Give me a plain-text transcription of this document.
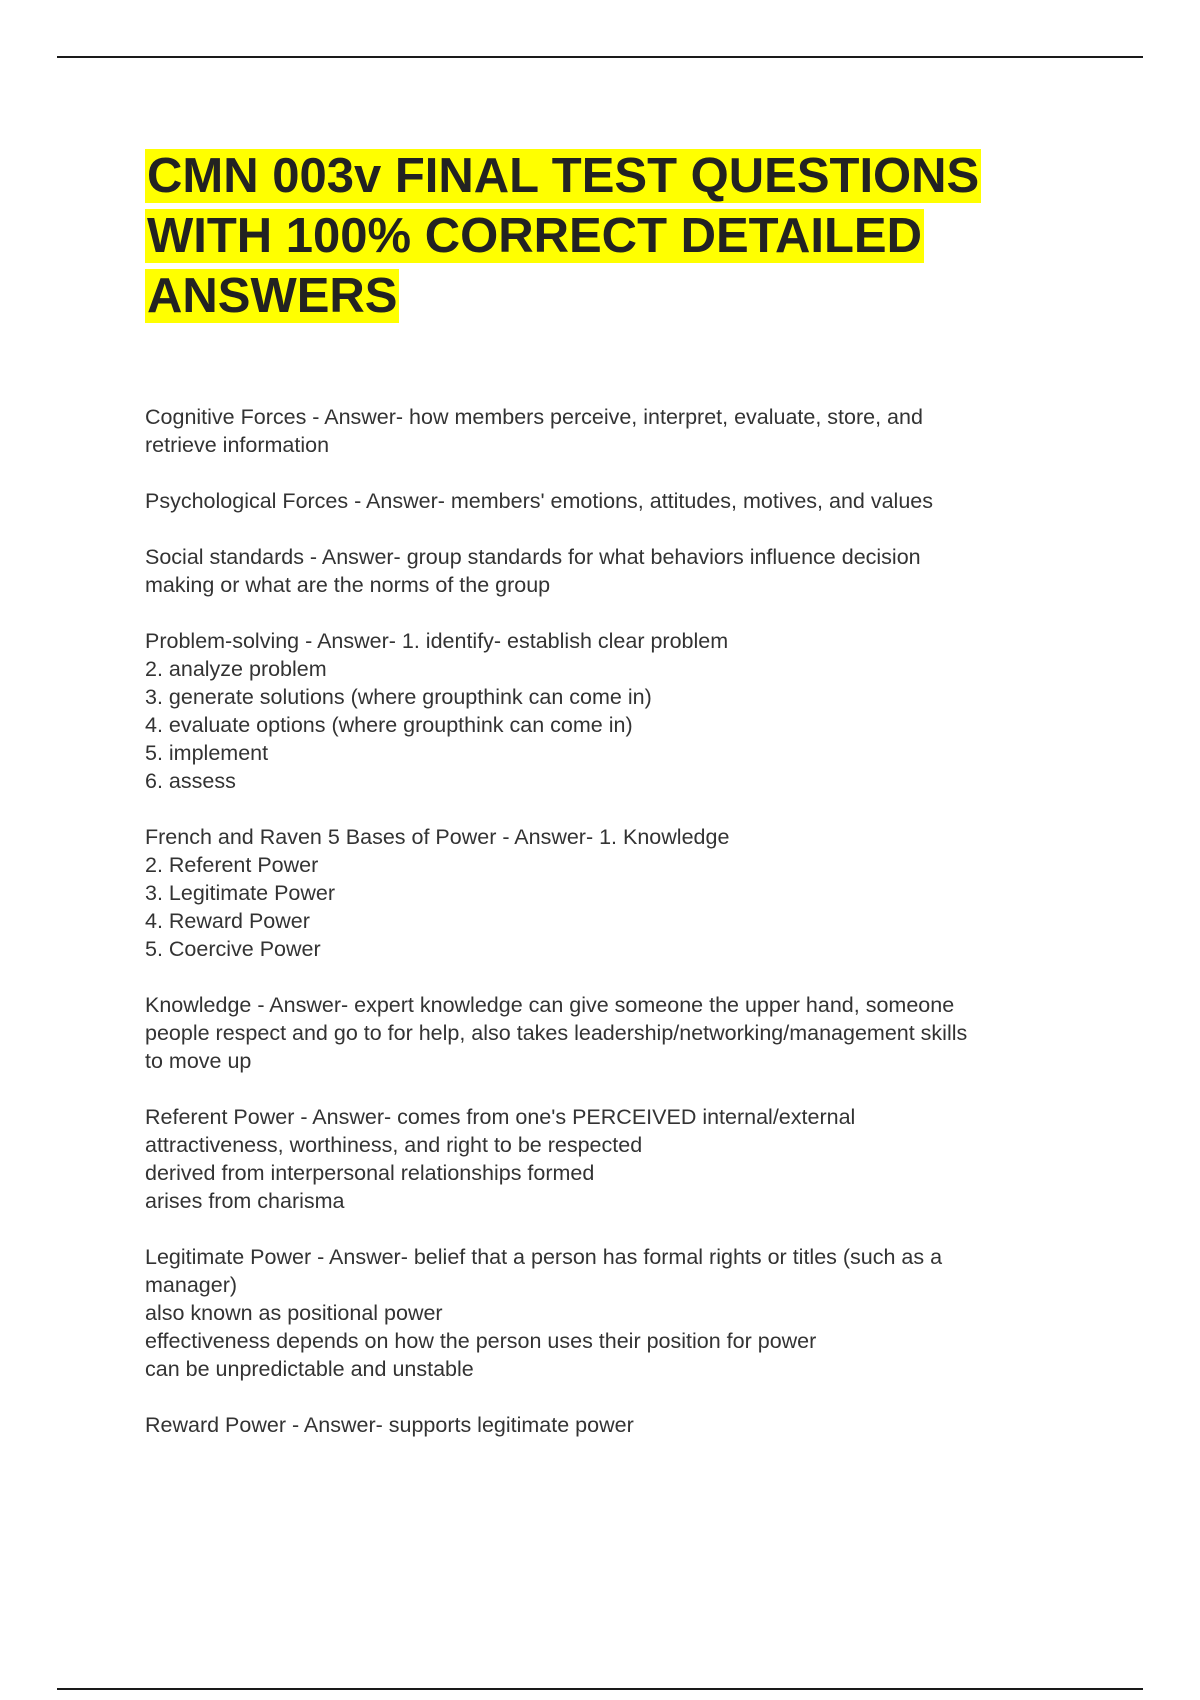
CMN 003v FINAL TEST QUESTIONS
WITH 100% CORRECT DETAILED
ANSWERS
Cognitive Forces - Answer- how members perceive, interpret, evaluate, store, and
retrieve information
Psychological Forces - Answer- members' emotions, attitudes, motives, and values
Social standards - Answer- group standards for what behaviors influence decision
making or what are the norms of the group
Problem-solving - Answer- 1. identify- establish clear problem
2. analyze problem
3. generate solutions (where groupthink can come in)
4. evaluate options (where groupthink can come in)
5. implement
6. assess
French and Raven 5 Bases of Power - Answer- 1. Knowledge
2. Referent Power
3. Legitimate Power
4. Reward Power
5. Coercive Power
Knowledge - Answer- expert knowledge can give someone the upper hand, someone
people respect and go to for help, also takes leadership/networking/management skills
to move up
Referent Power - Answer- comes from one's PERCEIVED internal/external
attractiveness, worthiness, and right to be respected
derived from interpersonal relationships formed
arises from charisma
Legitimate Power - Answer- belief that a person has formal rights or titles (such as a
manager)
also known as positional power
effectiveness depends on how the person uses their position for power
can be unpredictable and unstable
Reward Power - Answer- supports legitimate power
